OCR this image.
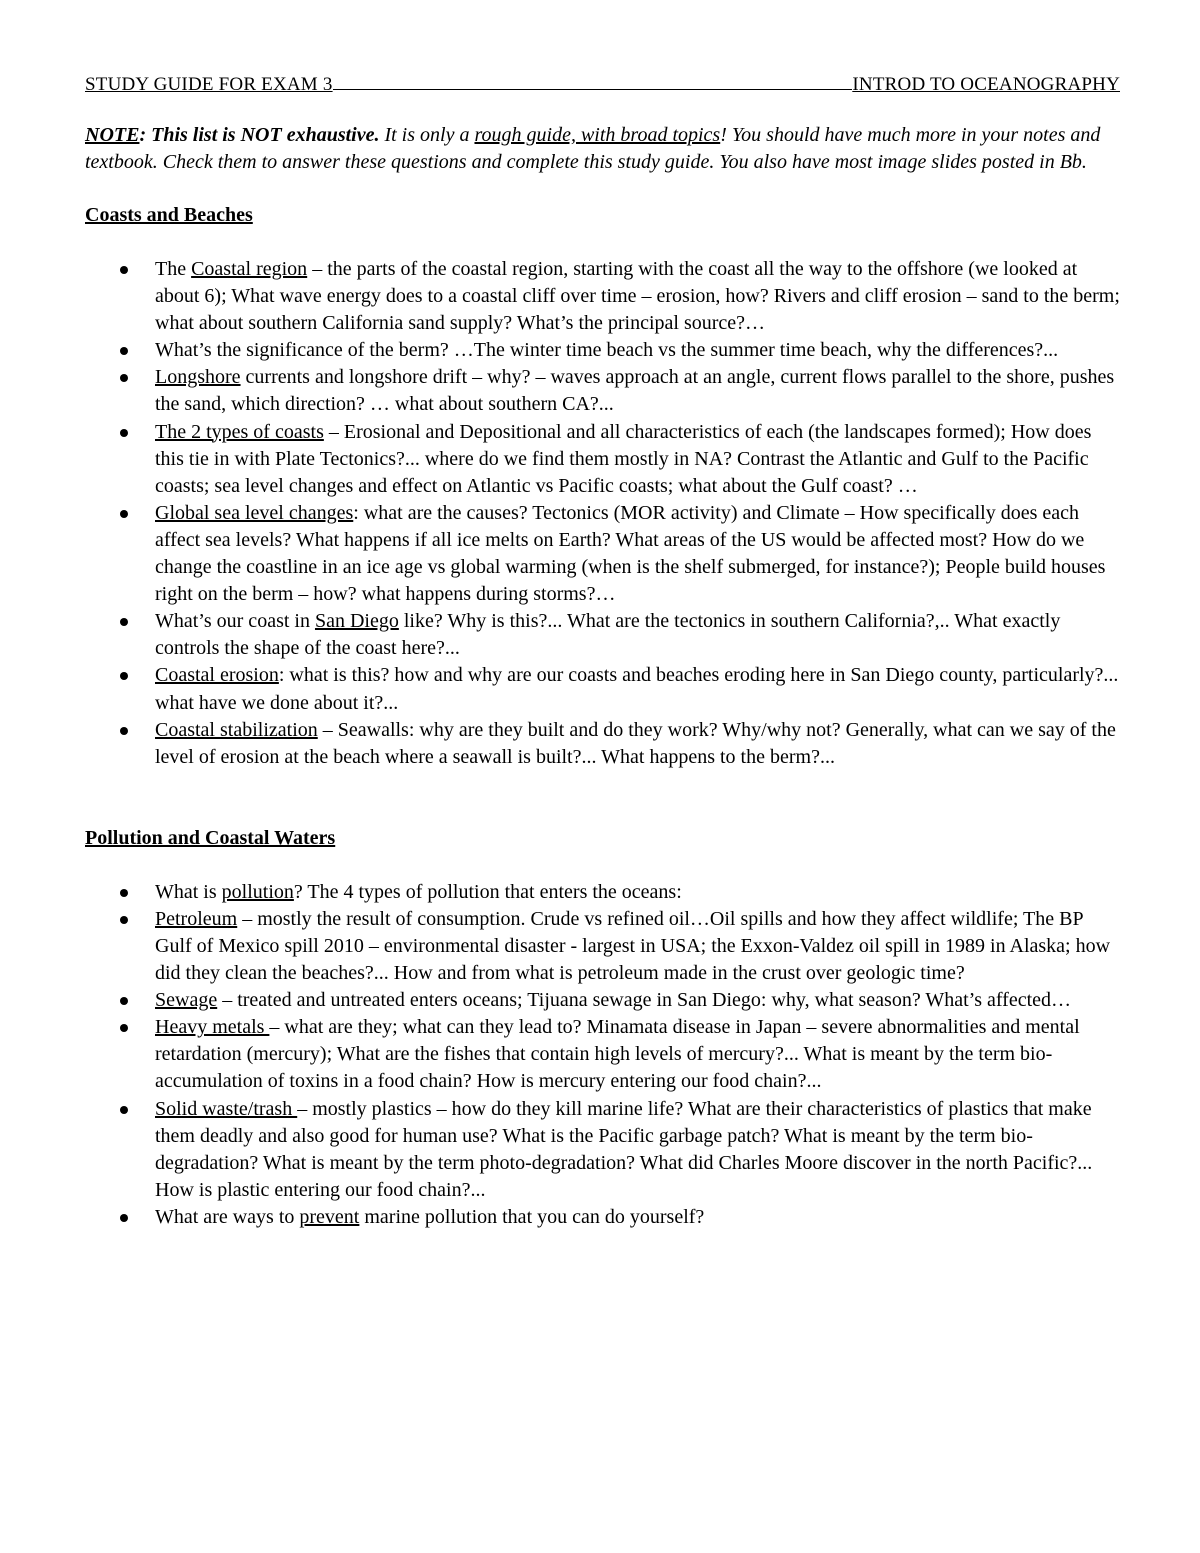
STUDY GUIDE FOR EXAM 3	INTROD TO OCEANOGRAPHY
NOTE: This list is NOT exhaustive. It is only a rough guide, with broad topics! You should have much more in your notes and textbook. Check them to answer these questions and complete this study guide. You also have most image slides posted in Bb.
Coasts and Beaches
The Coastal region – the parts of the coastal region, starting with the coast all the way to the offshore (we looked at about 6); What wave energy does to a coastal cliff over time – erosion, how? Rivers and cliff erosion – sand to the berm; what about southern California sand supply? What’s the principal source?…
What’s the significance of the berm? …The winter time beach vs the summer time beach, why the differences?...
Longshore currents and longshore drift – why? – waves approach at an angle, current flows parallel to the shore, pushes the sand, which direction? … what about southern CA?...
The 2 types of coasts – Erosional and Depositional and all characteristics of each (the landscapes formed); How does this tie in with Plate Tectonics?... where do we find them mostly in NA? Contrast the Atlantic and Gulf to the Pacific coasts; sea level changes and effect on Atlantic vs Pacific coasts; what about the Gulf coast? …
Global sea level changes: what are the causes? Tectonics (MOR activity) and Climate – How specifically does each affect sea levels? What happens if all ice melts on Earth? What areas of the US would be affected most? How do we change the coastline in an ice age vs global warming (when is the shelf submerged, for instance?); People build houses right on the berm – how? what happens during storms?…
What’s our coast in San Diego like? Why is this?... What are the tectonics in southern California?,.. What exactly controls the shape of the coast here?...
Coastal erosion: what is this? how and why are our coasts and beaches eroding here in San Diego county, particularly?... what have we done about it?...
Coastal stabilization – Seawalls: why are they built and do they work? Why/why not? Generally, what can we say of the level of erosion at the beach where a seawall is built?... What happens to the berm?...
Pollution and Coastal Waters
What is pollution? The 4 types of pollution that enters the oceans:
Petroleum – mostly the result of consumption. Crude vs refined oil…Oil spills and how they affect wildlife; The BP Gulf of Mexico spill 2010 – environmental disaster - largest in USA; the Exxon-Valdez oil spill in 1989 in Alaska; how did they clean the beaches?... How and from what is petroleum made in the crust over geologic time?
Sewage – treated and untreated enters oceans; Tijuana sewage in San Diego: why, what season? What’s affected…
Heavy metals – what are they; what can they lead to? Minamata disease in Japan – severe abnormalities and mental retardation (mercury); What are the fishes that contain high levels of mercury?... What is meant by the term bio-accumulation of toxins in a food chain? How is mercury entering our food chain?...
Solid waste/trash – mostly plastics – how do they kill marine life? What are their characteristics of plastics that make them deadly and also good for human use? What is the Pacific garbage patch? What is meant by the term bio-degradation? What is meant by the term photo-degradation? What did Charles Moore discover in the north Pacific?... How is plastic entering our food chain?...
What are ways to prevent marine pollution that you can do yourself?
